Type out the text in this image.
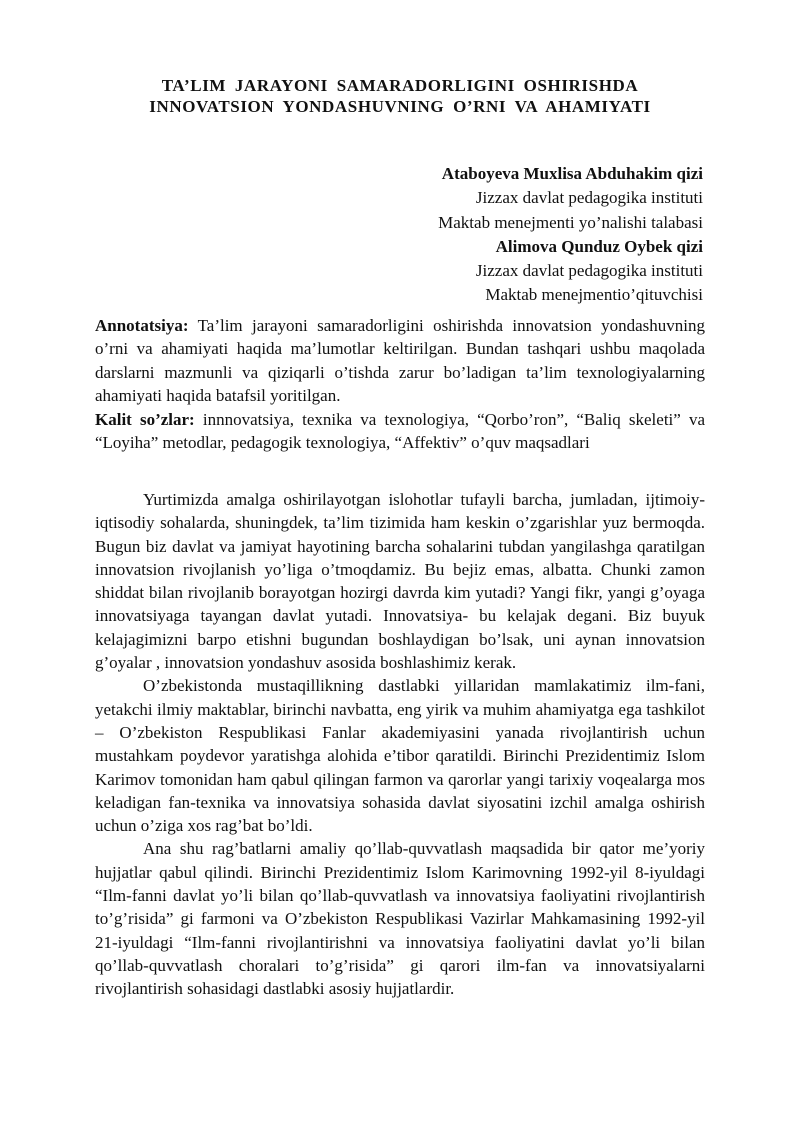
TA’LIM JARAYONI SAMARADORLIGINI OSHIRISHDA
INNOVATSION YONDASHUVNING O’RNI VA AHAMIYATI
Ataboyeva Muxlisa Abduhakim qizi
Jizzax davlat pedagogika instituti
Maktab menejmenti yo’nalishi talabasi
Alimova Qunduz Oybek qizi
Jizzax davlat pedagogika instituti
Maktab menejmentio’qituvchisi

Annotatsiya: Ta’lim jarayoni samaradorligini oshirishda innovatsion yondashuvning o’rni va ahamiyati haqida ma’lumotlar keltirilgan. Bundan tashqari ushbu maqolada darslarni mazmunli va qiziqarli o’tishda zarur bo’ladigan ta’lim texnologiyalarning ahamiyati haqida batafsil yoritilgan.

Kalit so’zlar: innnovatsiya, texnika va texnologiya, “Qorbo’ron”, “Baliq skeleti” va “Loyiha” metodlar, pedagogik texnologiya, “Affektiv” o’quv maqsadlari

Yurtimizda amalga oshirilayotgan islohotlar tufayli barcha, jumladan, ijtimoiy-iqtisodiy sohalarda, shuningdek, ta’lim tizimida ham keskin o’zgarishlar yuz bermoqda. Bugun biz davlat va jamiyat hayotining barcha sohalarini tubdan yangilashga qaratilgan innovatsion rivojlanish yo’liga o’tmoqdamiz. Bu bejiz emas, albatta. Chunki zamon shiddat bilan rivojlanib borayotgan hozirgi davrda kim yutadi? Yangi fikr, yangi g’oyaga innovatsiyaga tayangan davlat yutadi. Innovatsiya- bu kelajak degani. Biz buyuk kelajagimizni barpo etishni bugundan boshlaydigan bo’lsak, uni aynan innovatsion g’oyalar , innovatsion yondashuv asosida boshlashimiz kerak.

O’zbekistonda mustaqillikning dastlabki yillaridan mamlakatimiz ilm-fani, yetakchi ilmiy maktablar, birinchi navbatta, eng yirik va muhim ahamiyatga ega tashkilot – O’zbekiston Respublikasi Fanlar akademiyasini yanada rivojlantirish uchun mustahkam poydevor yaratishga alohida e’tibor qaratildi. Birinchi Prezidentimiz Islom Karimov tomonidan ham qabul qilingan farmon va qarorlar yangi tarixiy voqealarga mos keladigan fan-texnika va innovatsiya sohasida davlat siyosatini izchil amalga oshirish uchun o’ziga xos rag’bat bo’ldi.

Ana shu rag’batlarni amaliy qo’llab-quvvatlash maqsadida bir qator me’yoriy hujjatlar qabul qilindi. Birinchi Prezidentimiz Islom Karimovning 1992-yil 8-iyuldagi “Ilm-fanni davlat yo’li bilan qo’llab-quvvatlash va innovatsiya faoliyatini rivojlantirish to’g’risida” gi farmoni va O’zbekiston Respublikasi Vazirlar Mahkamasining 1992-yil 21-iyuldagi “Ilm-fanni rivojlantirishni va innovatsiya faoliyatini davlat yo’li bilan qo’llab-quvvatlash choralari to’g’risida” gi qarori ilm-fan va innovatsiyalarni rivojlantirish sohasidagi dastlabki asosiy hujjatlardir.
